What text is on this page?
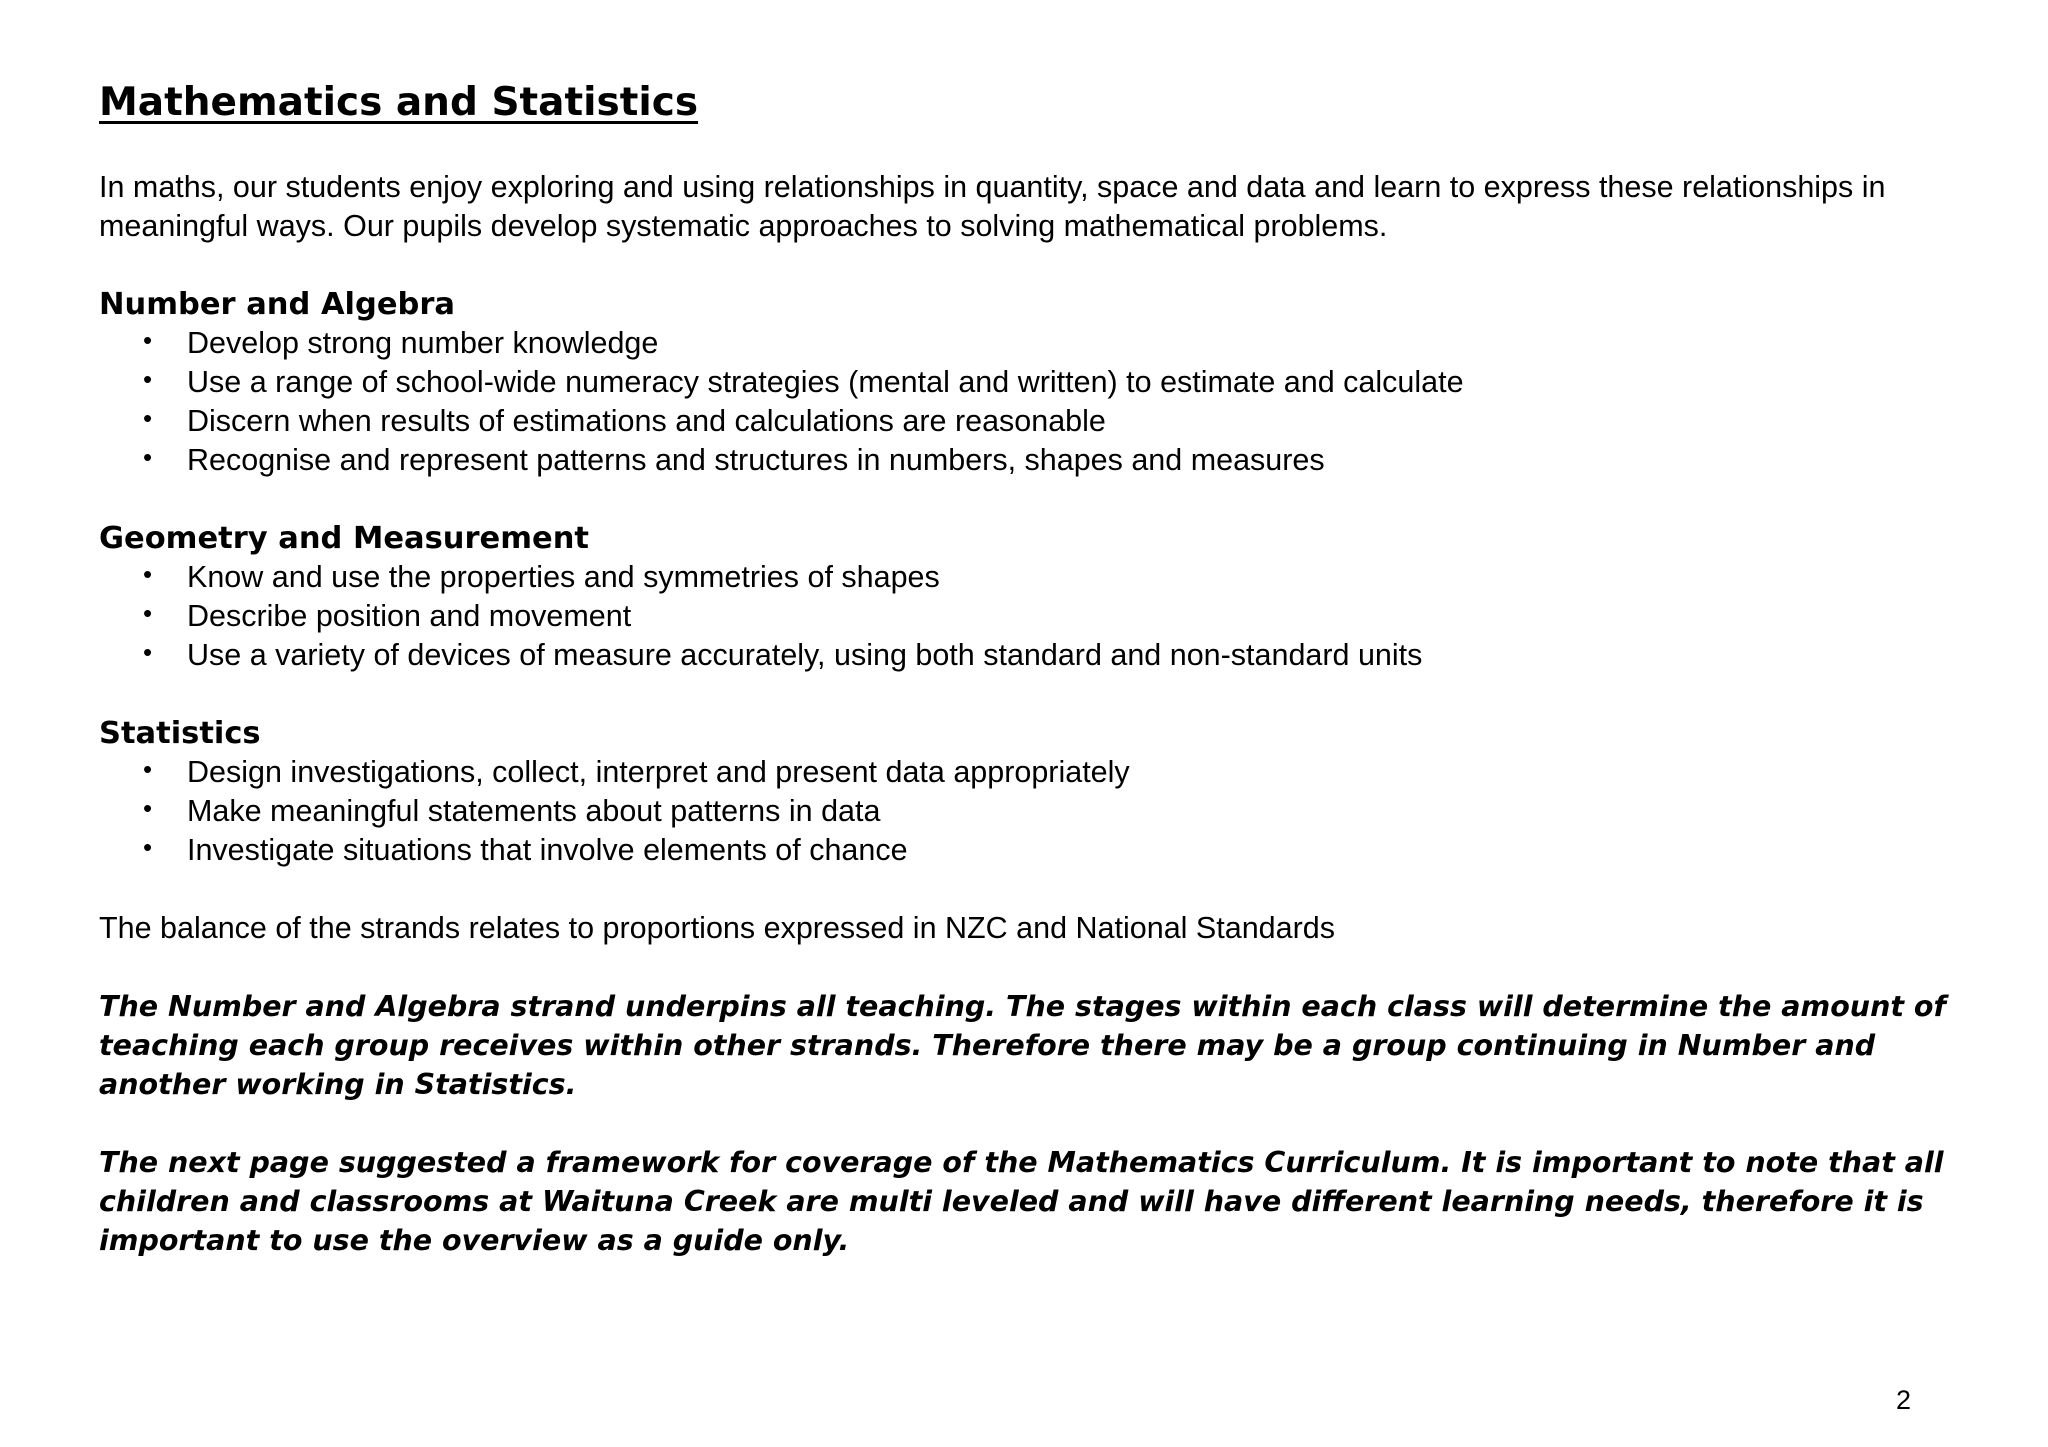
Mathematics and Statistics

In maths, our students enjoy exploring and using relationships in quantity, space and data and learn to express these relationships in meaningful ways. Our pupils develop systematic approaches to solving mathematical problems.

Number and Algebra

• Develop strong number knowledge
• Use a range of school-wide numeracy strategies (mental and written) to estimate and calculate
• Discern when results of estimations and calculations are reasonable
• Recognise and represent patterns and structures in numbers, shapes and measures

Geometry and Measurement

• Know and use the properties and symmetries of shapes
• Describe position and movement
• Use a variety of devices of measure accurately, using both standard and non-standard units

Statistics

• Design investigations, collect, interpret and present data appropriately
• Make meaningful statements about patterns in data
• Investigate situations that involve elements of chance

The balance of the strands relates to proportions expressed in NZC and National Standards

The Number and Algebra strand underpins all teaching. The stages within each class will determine the amount of teaching each group receives within other strands. Therefore there may be a group continuing in Number and another working in Statistics.

The next page suggested a framework for coverage of the Mathematics Curriculum. It is important to note that all children and classrooms at Waituna Creek are multi leveled and will have different learning needs, therefore it is important to use the overview as a guide only.

2
